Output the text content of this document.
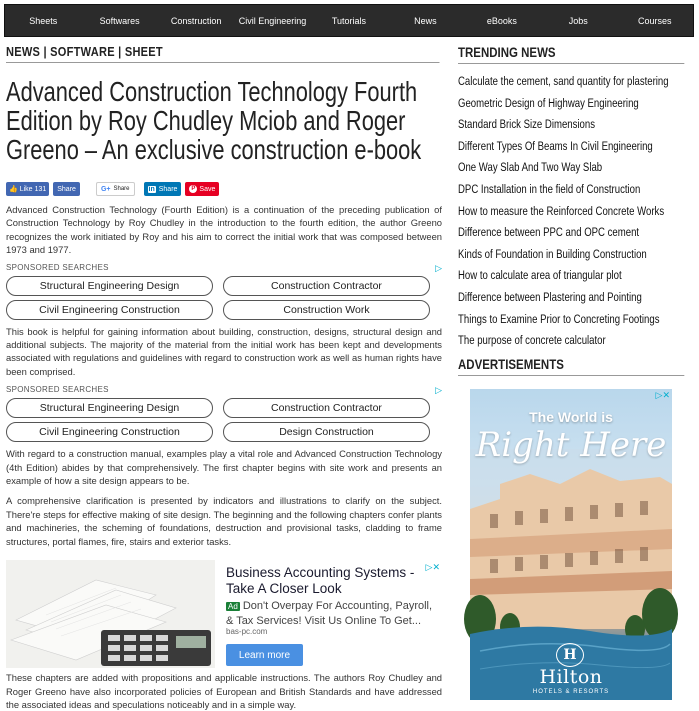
Sheets	Softwares	Construction	Civil Engineering	Tutorials	News	eBooks	Jobs	Courses
NEWS | SOFTWARE | SHEET
Advanced Construction Technology Fourth Edition by Roy Chudley Mciob and Roger Greeno – An exclusive construction e-book
👍 Like 131	Share	G+ Share	in Share	P Save

Advanced Construction Technology (Fourth Edition) is a continuation of the preceding publication of Construction Technology by Roy Chudley in the introduction to the fourth edition, the author Greeno recognizes the work initiated by Roy and his aim to correct the initial work that was composed between 1973 and 1977.

SPONSORED SEARCHES	▷
Structural Engineering Design	Construction Contractor
Civil Engineering Construction	Construction Work

This book is helpful for gaining information about building, construction, designs, structural design and additional subjects. The majority of the material from the initial work has been kept and developments associated with regulations and guidelines with regard to construction work as well as human rights have been comprised.

SPONSORED SEARCHES	▷
Structural Engineering Design	Construction Contractor
Civil Engineering Construction	Design Construction

With regard to a construction manual, examples play a vital role and Advanced Construction Technology (4th Edition) abides by that comprehensively. The first chapter begins with site work and presents an example of how a site design appears to be.

A comprehensive clarification is presented by indicators and illustrations to clarify on the subject. There're steps for effective making of site design. The beginning and the following chapters confer plants and machineries, the scheming of foundations, destruction and provisional tasks, cladding to frame structures, portal flames, fire, stairs and exterior tasks.

Business Accounting Systems - Take A Closer Look
▷✕
Ad Don't Overpay For Accounting, Payroll, & Tax Services! Visit Us Online To Get...
bas-pc.com
Learn more

These chapters are added with propositions and applicable instructions. The authors Roy Chudley and Roger Greeno have also incorporated policies of European and British Standards and have addressed the associated ideas and speculations noticeably and in a simple way.

TRENDING NEWS
Calculate the cement, sand quantity for plastering
Geometric Design of Highway Engineering
Standard Brick Size Dimensions
Different Types Of Beams In Civil Engineering
One Way Slab And Two Way Slab
DPC Installation in the field of Construction
How to measure the Reinforced Concrete Works
Difference between PPC and OPC cement
Kinds of Foundation in Building Construction
How to calculate area of triangular plot
Difference between Plastering and Pointing
Things to Examine Prior to Concreting Footings
The purpose of concrete calculator
ADVERTISEMENTS
▷✕
The World is
Right Here
H
Hilton
HOTELS & RESORTS
